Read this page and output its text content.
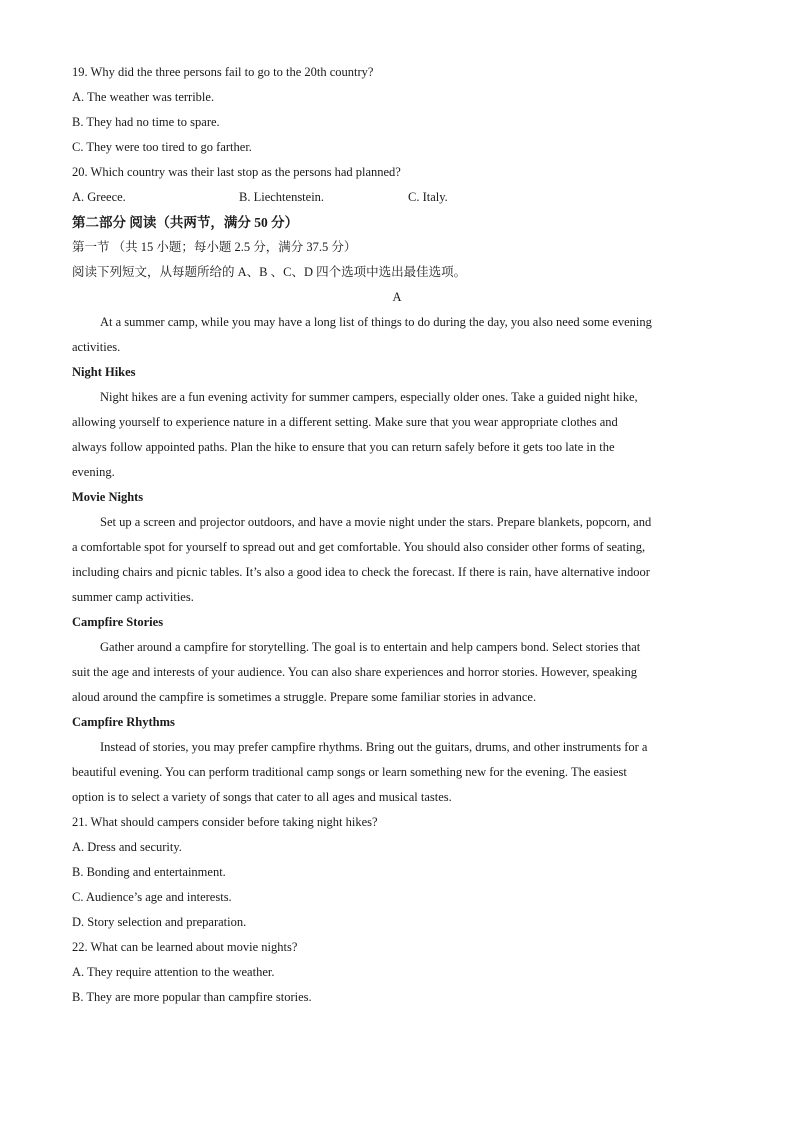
19. Why did the three persons fail to go to the 20th country?
A. The weather was terrible.
B. They had no time to spare.
C. They were too tired to go farther.
20. Which country was their last stop as the persons had planned?
A. Greece.	B. Liechtenstein.	C. Italy.
第二部分 阅读（共两节，满分 50 分）
第一节 （共 15 小题；每小题 2.5 分，满分 37.5 分）
阅读下列短文，从每题所给的 A、B 、C、D 四个选项中选出最佳选项。
A
At a summer camp, while you may have a long list of things to do during the day, you also need some evening
activities.
Night Hikes
Night hikes are a fun evening activity for summer campers, especially older ones. Take a guided night hike,
allowing yourself to experience nature in a different setting. Make sure that you wear appropriate clothes and
always follow appointed paths. Plan the hike to ensure that you can return safely before it gets too late in the
evening.
Movie Nights
Set up a screen and projector outdoors, and have a movie night under the stars. Prepare blankets, popcorn, and
a comfortable spot for yourself to spread out and get comfortable. You should also consider other forms of seating,
including chairs and picnic tables. It’s also a good idea to check the forecast. If there is rain, have alternative indoor
summer camp activities.
Campfire Stories
Gather around a campfire for storytelling. The goal is to entertain and help campers bond. Select stories that
suit the age and interests of your audience. You can also share experiences and horror stories. However, speaking
aloud around the campfire is sometimes a struggle. Prepare some familiar stories in advance.
Campfire Rhythms
Instead of stories, you may prefer campfire rhythms. Bring out the guitars, drums, and other instruments for a
beautiful evening. You can perform traditional camp songs or learn something new for the evening. The easiest
option is to select a variety of songs that cater to all ages and musical tastes.
21. What should campers consider before taking night hikes?
A. Dress and security.
B. Bonding and entertainment.
C. Audience’s age and interests.
D. Story selection and preparation.
22. What can be learned about movie nights?
A. They require attention to the weather.
B. They are more popular than campfire stories.
